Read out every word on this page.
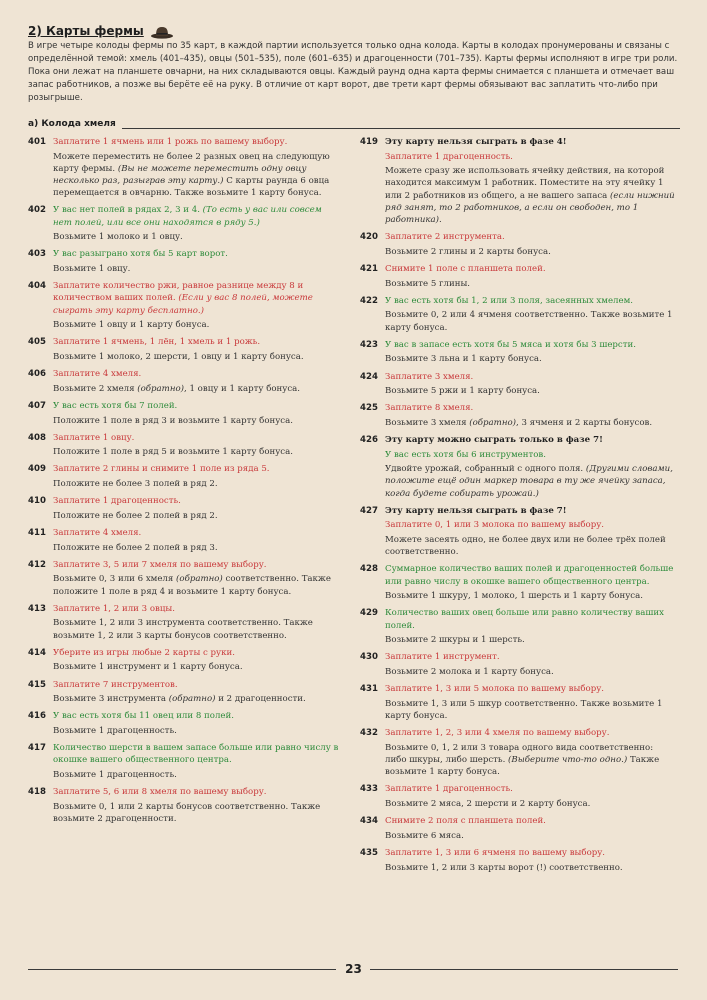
2) Карты фермы

В игре четыре колоды фермы по 35 карт, в каждой партии используется только одна колода. Карты в колодах пронумерованы и связаны с определённой темой: хмель (401–435), овцы (501–535), поле (601–635) и драгоценности (701–735). Карты фермы исполняют в игре три роли. Пока они лежат на планшете овчарни, на них складываются овцы. Каждый раунд одна карта фермы снимается с планшета и отмечает ваш запас работников, а позже вы берёте её на руку. В отличие от карт ворот, две трети карт фермы обязывают вас заплатить что-либо при розыгрыше.

а) Колода хмеля
401 Заплатите 1 ячмень или 1 рожь по вашему выбору.
Можете переместить не более 2 разных овец на следующую карту фермы. (Вы не можете переместить одну овцу несколько раз, разыграв эту карту.) С карты раунда 6 овца перемещается в овчарню. Также возьмите 1 карту бонуса.
402 У вас нет полей в рядах 2, 3 и 4. (То есть у вас или совсем нет полей, или все они находятся в ряду 5.)
Возьмите 1 молоко и 1 овцу.
403 У вас разыграно хотя бы 5 карт ворот.
Возьмите 1 овцу.
404 Заплатите количество ржи, равное разнице между 8 и количеством ваших полей. (Если у вас 8 полей, можете сыграть эту карту бесплатно.)
Возьмите 1 овцу и 1 карту бонуса.
405 Заплатите 1 ячмень, 1 лён, 1 хмель и 1 рожь.
Возьмите 1 молоко, 2 шерсти, 1 овцу и 1 карту бонуса.
406 Заплатите 4 хмеля.
Возьмите 2 хмеля (обратно), 1 овцу и 1 карту бонуса.
407 У вас есть хотя бы 7 полей.
Положите 1 поле в ряд 3 и возьмите 1 карту бонуса.
408 Заплатите 1 овцу.
Положите 1 поле в ряд 5 и возьмите 1 карту бонуса.
409 Заплатите 2 глины и снимите 1 поле из ряда 5.
Положите не более 3 полей в ряд 2.
410 Заплатите 1 драгоценность.
Положите не более 2 полей в ряд 2.
411 Заплатите 4 хмеля.
Положите не более 2 полей в ряд 3.
412 Заплатите 3, 5 или 7 хмеля по вашему выбору.
Возьмите 0, 3 или 6 хмеля (обратно) соответственно. Также положите 1 поле в ряд 4 и возьмите 1 карту бонуса.
413 Заплатите 1, 2 или 3 овцы.
Возьмите 1, 2 или 3 инструмента соответственно. Также возьмите 1, 2 или 3 карты бонусов соответственно.
414 Уберите из игры любые 2 карты с руки.
Возьмите 1 инструмент и 1 карту бонуса.
415 Заплатите 7 инструментов.
Возьмите 3 инструмента (обратно) и 2 драгоценности.
416 У вас есть хотя бы 11 овец или 8 полей.
Возьмите 1 драгоценность.
417 Количество шерсти в вашем запасе больше или равно числу в окошке вашего общественного центра.
Возьмите 1 драгоценность.
418 Заплатите 5, 6 или 8 хмеля по вашему выбору.
Возьмите 0, 1 или 2 карты бонусов соответственно. Также возьмите 2 драгоценности.
419 Эту карту нельзя сыграть в фазе 4!
Заплатите 1 драгоценность.
Можете сразу же использовать ячейку действия, на которой находится максимум 1 работник. Поместите на эту ячейку 1 или 2 работников из общего, а не вашего запаса (если нижний ряд занят, то 2 работников, а если он свободен, то 1 работника).
420 Заплатите 2 инструмента.
Возьмите 2 глины и 2 карты бонуса.
421 Снимите 1 поле с планшета полей.
Возьмите 5 глины.
422 У вас есть хотя бы 1, 2 или 3 поля, засеянных хмелем.
Возьмите 0, 2 или 4 ячменя соответственно. Также возьмите 1 карту бонуса.
423 У вас в запасе есть хотя бы 5 мяса и хотя бы 3 шерсти.
Возьмите 3 льна и 1 карту бонуса.
424 Заплатите 3 хмеля.
Возьмите 5 ржи и 1 карту бонуса.
425 Заплатите 8 хмеля.
Возьмите 3 хмеля (обратно), 3 ячменя и 2 карты бонусов.
426 Эту карту можно сыграть только в фазе 7!
У вас есть хотя бы 6 инструментов.
Удвойте урожай, собранный с одного поля. (Другими словами, положите ещё один маркер товара в ту же ячейку запаса, когда будете собирать урожай.)
427 Эту карту нельзя сыграть в фазе 7!
Заплатите 0, 1 или 3 молока по вашему выбору.
Можете засеять одно, не более двух или не более трёх полей соответственно.
428 Суммарное количество ваших полей и драгоценностей больше или равно числу в окошке вашего общественного центра.
Возьмите 1 шкуру, 1 молоко, 1 шерсть и 1 карту бонуса.
429 Количество ваших овец больше или равно количеству ваших полей.
Возьмите 2 шкуры и 1 шерсть.
430 Заплатите 1 инструмент.
Возьмите 2 молока и 1 карту бонуса.
431 Заплатите 1, 3 или 5 молока по вашему выбору.
Возьмите 1, 3 или 5 шкур соответственно. Также возьмите 1 карту бонуса.
432 Заплатите 1, 2, 3 или 4 хмеля по вашему выбору.
Возьмите 0, 1, 2 или 3 товара одного вида соответственно: либо шкуры, либо шерсть. (Выберите что-то одно.) Также возьмите 1 карту бонуса.
433 Заплатите 1 драгоценность.
Возьмите 2 мяса, 2 шерсти и 2 карту бонуса.
434 Снимите 2 поля с планшета полей.
Возьмите 6 мяса.
435 Заплатите 1, 3 или 6 ячменя по вашему выбору.
Возьмите 1, 2 или 3 карты ворот (!) соответственно.
23
